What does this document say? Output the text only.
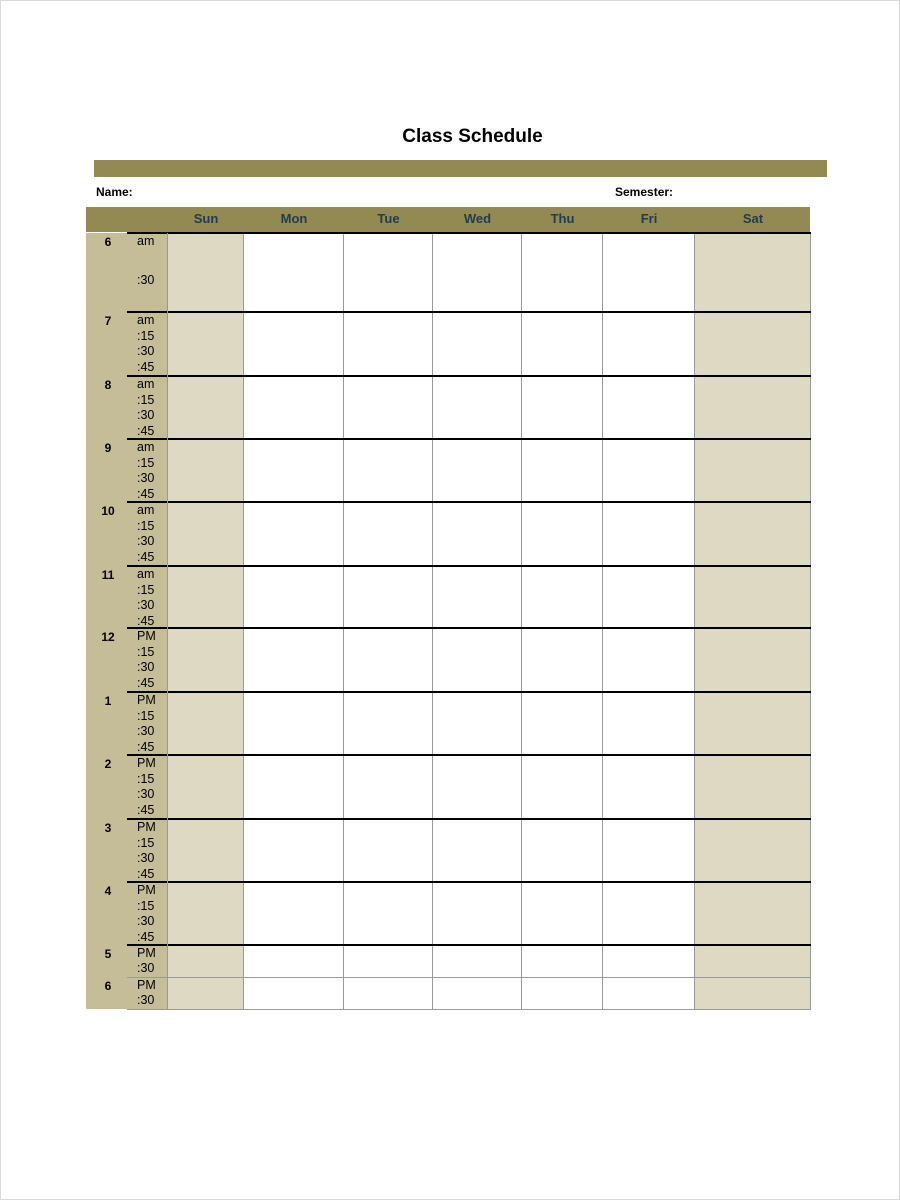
Class Schedule
Name:	Semester:
Sun	Mon	Tue	Wed	Thu	Fri	Sat
6	am
:30
7	am
:15
:30
:45
8	am
:15
:30
:45
9	am
:15
:30
:45
10	am
:15
:30
:45
11	am
:15
:30
:45
12	PM
:15
:30
:45
1	PM
:15
:30
:45
2	PM
:15
:30
:45
3	PM
:15
:30
:45
4	PM
:15
:30
:45
5	PM
:30
6	PM
:30
